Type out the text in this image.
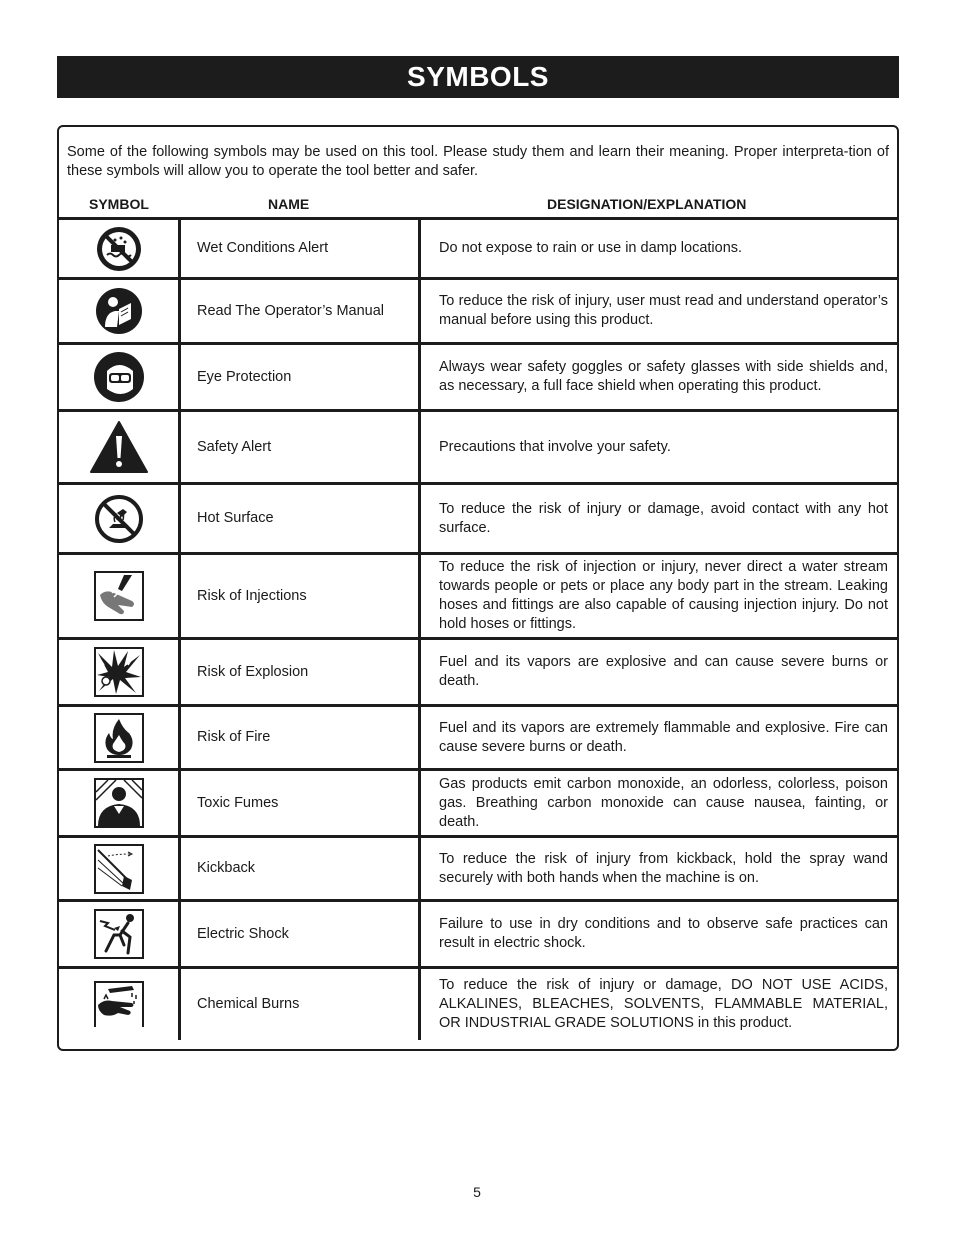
SYMBOLS
Some of the following symbols may be used on this tool. Please study them and learn their meaning. Proper interpreta-tion of these symbols will allow you to operate the tool better and safer.
SYMBOL	NAME	DESIGNATION/EXPLANATION
	Wet Conditions Alert	Do not expose to rain or use in damp locations.

	Read The Operator’s Manual	To reduce the risk of injury, user must read and understand operator’s manual before using this product.

	Eye Protection	Always wear safety goggles or safety glasses with side shields and, as necessary, a full face shield when operating this product.

	Safety Alert	Precautions that involve your safety.

	Hot Surface	To reduce the risk of injury or damage, avoid contact with any hot surface.

	Risk of Injections	To reduce the risk of injection or injury, never direct a water stream towards people or pets or place any body part in the stream. Leaking hoses and fittings are also capable of causing injection injury. Do not hold hoses or fittings.

	Risk of Explosion	Fuel and its vapors are explosive and can cause severe burns or death.

	Risk of Fire	Fuel and its vapors are extremely flammable and explosive. Fire can cause severe burns or death.

	Toxic Fumes	Gas products emit carbon monoxide, an odorless, colorless, poison gas. Breathing carbon monoxide can cause nausea, fainting, or death.

	Kickback	To reduce the risk of injury from kickback, hold the spray wand securely with both hands when the machine is on.

	Electric Shock	Failure to use in dry conditions and to observe safe practices can result in electric shock.

	Chemical Burns	To reduce the risk of injury or damage, DO NOT USE ACIDS, ALKALINES, BLEACHES, SOLVENTS, FLAMMABLE MATERIAL, OR INDUSTRIAL GRADE SOLUTIONS in this product.
5
